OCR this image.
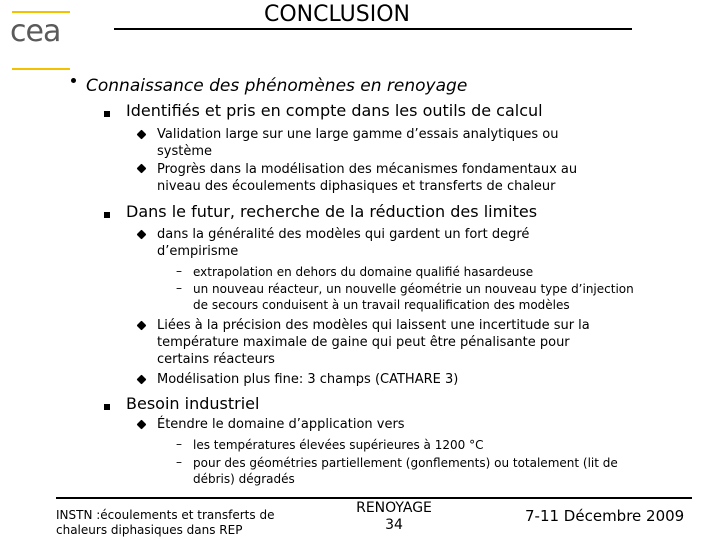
cea	CONCLUSION
Connaissance des phénomènes en renoyage
Identifiés et pris en compte dans les outils de calcul
Validation large sur une large gamme d’essais analytiques ou
système
Progrès dans la modélisation des mécanismes fondamentaux au
niveau des écoulements diphasiques et transferts de chaleur
Dans le futur, recherche de la réduction des limites
dans la généralité des modèles qui gardent un fort degré
d’empirisme
– extrapolation en dehors du domaine qualifié hasardeuse
– un nouveau réacteur, un nouvelle géométrie un nouveau type d’injection
de secours conduisent à un travail requalification des modèles
Liées à la précision des modèles qui laissent une incertitude sur la
température maximale de gaine qui peut être pénalisante pour
certains réacteurs
Modélisation plus fine: 3 champs (CATHARE 3)
Besoin industriel
Étendre le domaine d’application vers
– les températures élevées supérieures à 1200 °C
– pour des géométries partiellement (gonflements) ou totalement (lit de
débris) dégradés
INSTN :écoulements et transferts de
chaleurs diphasiques dans REP
RENOYAGE
34	7-11 Décembre 2009
